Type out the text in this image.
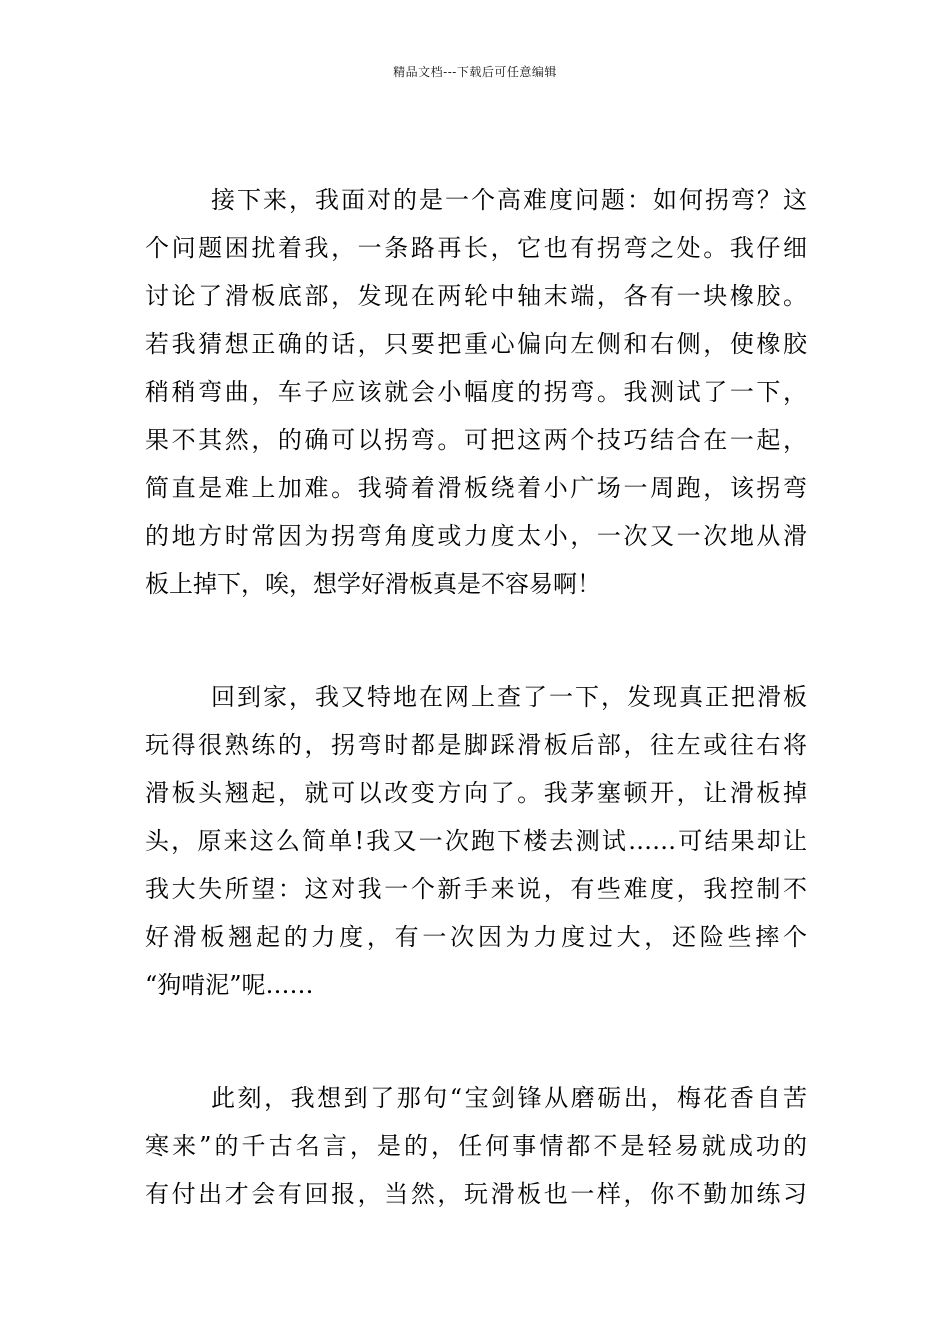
精品文档---下载后可任意编辑
接下来，我面对的是一个高难度问题：如何拐弯？这
个问题困扰着我，一条路再长，它也有拐弯之处。我仔细
讨论了滑板底部，发现在两轮中轴末端，各有一块橡胶。
若我猜想正确的话，只要把重心偏向左侧和右侧，使橡胶
稍稍弯曲，车子应该就会小幅度的拐弯。我测试了一下，
果不其然，的确可以拐弯。可把这两个技巧结合在一起，
简直是难上加难。我骑着滑板绕着小广场一周跑，该拐弯
的地方时常因为拐弯角度或力度太小，一次又一次地从滑
板上掉下，唉，想学好滑板真是不容易啊！
回到家，我又特地在网上查了一下，发现真正把滑板
玩得很熟练的，拐弯时都是脚踩滑板后部，往左或往右将
滑板头翘起，就可以改变方向了。我茅塞顿开，让滑板掉
头，原来这么简单!我又一次跑下楼去测试……可结果却让
我大失所望：这对我一个新手来说，有些难度，我控制不
好滑板翘起的力度，有一次因为力度过大，还险些摔个
“狗啃泥”呢……
此刻，我想到了那句“宝剑锋从磨砺出，梅花香自苦
寒来”的千古名言，是的，任何事情都不是轻易就成功的
有付出才会有回报，当然，玩滑板也一样，你不勤加练习
